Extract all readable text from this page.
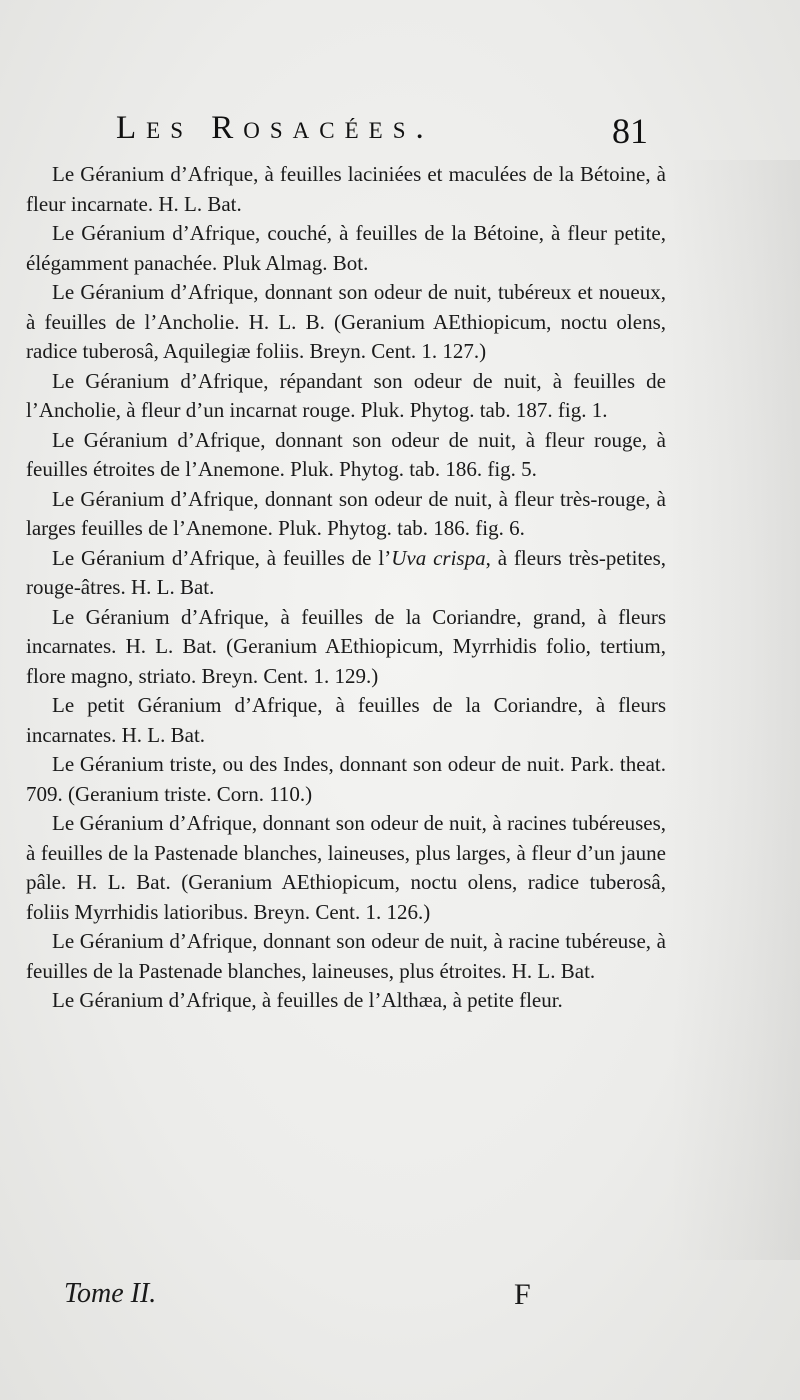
Les Rosacées.	81

Le Géranium d’Afrique, à feuilles laciniées et maculées de la Bétoine, à fleur incarnate. H. L. Bat.

Le Géranium d’Afrique, couché, à feuilles de la Bétoine, à fleur petite, élégamment panachée. Pluk Almag. Bot.

Le Géranium d’Afrique, donnant son odeur de nuit, tubéreux et noueux, à feuilles de l’Ancholie. H. L. B. (Geranium AEthiopicum, noctu olens, radice tuberosâ, Aquilegiæ foliis. Breyn. Cent. 1. 127.)

Le Géranium d’Afrique, répandant son odeur de nuit, à feuilles de l’Ancholie, à fleur d’un incarnat rouge. Pluk. Phytog. tab. 187. fig. 1.

Le Géranium d’Afrique, donnant son odeur de nuit, à fleur rouge, à feuilles étroites de l’Anemone. Pluk. Phytog. tab. 186. fig. 5.

Le Géranium d’Afrique, donnant son odeur de nuit, à fleur très-rouge, à larges feuilles de l’Anemone. Pluk. Phytog. tab. 186. fig. 6.

Le Géranium d’Afrique, à feuilles de l’Uva crispa, à fleurs très-petites, rouge-âtres. H. L. Bat.

Le Géranium d’Afrique, à feuilles de la Coriandre, grand, à fleurs incarnates. H. L. Bat. (Geranium AEthiopicum, Myrrhidis folio, tertium, flore magno, striato. Breyn. Cent. 1. 129.)

Le petit Géranium d’Afrique, à feuilles de la Coriandre, à fleurs incarnates. H. L. Bat.

Le Géranium triste, ou des Indes, donnant son odeur de nuit. Park. theat. 709. (Geranium triste. Corn. 110.)

Le Géranium d’Afrique, donnant son odeur de nuit, à racines tubéreuses, à feuilles de la Pastenade blanches, laineuses, plus larges, à fleur d’un jaune pâle. H. L. Bat. (Geranium AEthiopicum, noctu olens, radice tuberosâ, foliis Myrrhidis latioribus. Breyn. Cent. 1. 126.)

Le Géranium d’Afrique, donnant son odeur de nuit, à racine tubéreuse, à feuilles de la Pastenade blanches, laineuses, plus étroites. H. L. Bat.

Le Géranium d’Afrique, à feuilles de l’Althæa, à petite fleur.

Tome II.	F
